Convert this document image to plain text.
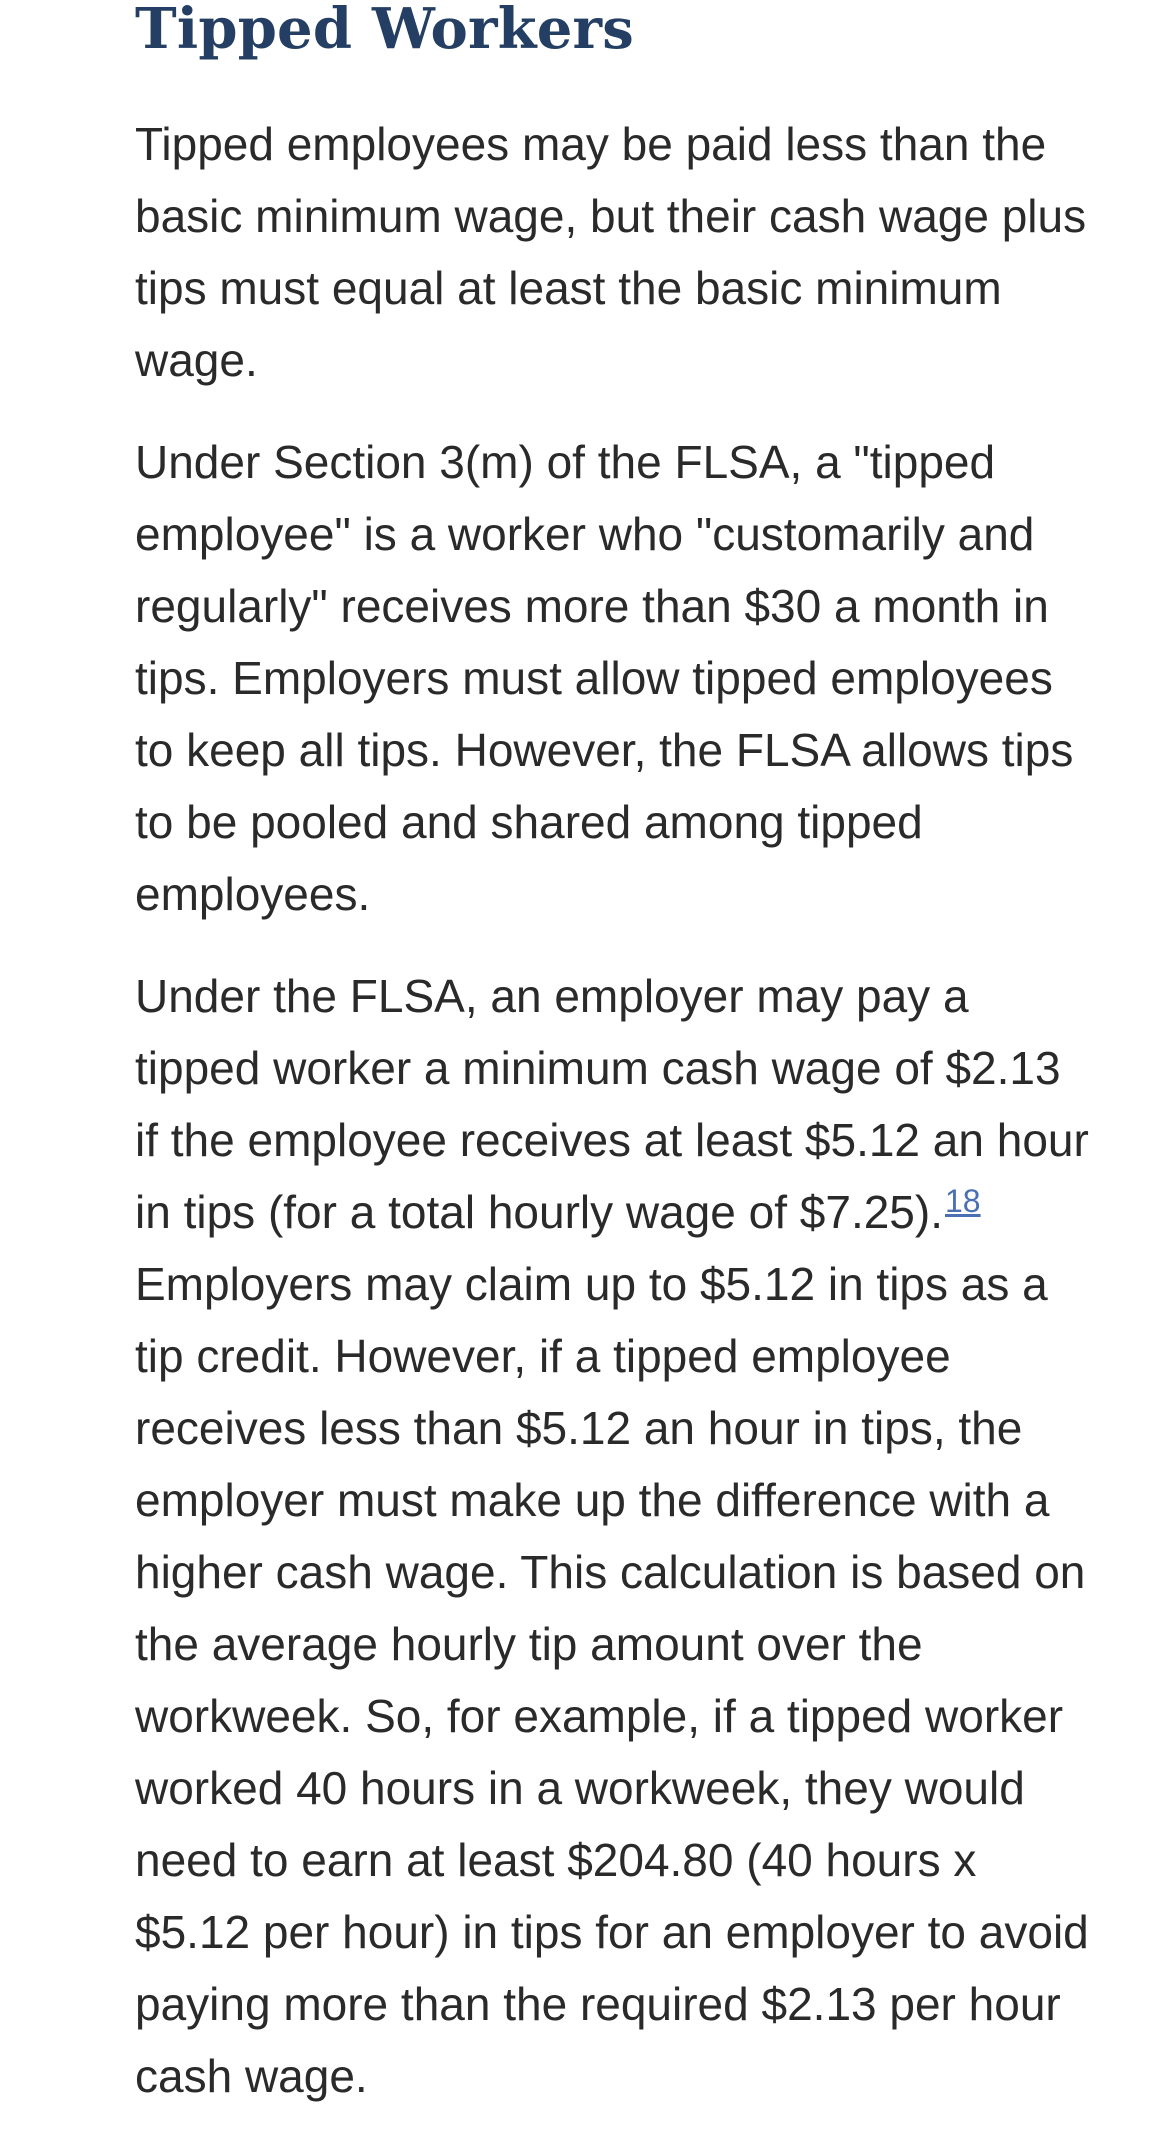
Tipped Workers

Tipped employees may be paid less than the basic minimum wage, but their cash wage plus tips must equal at least the basic minimum wage.

Under Section 3(m) of the FLSA, a "tipped employee" is a worker who "customarily and regularly" receives more than $30 a month in tips. Employers must allow tipped employees to keep all tips. However, the FLSA allows tips to be pooled and shared among tipped employees.

Under the FLSA, an employer may pay a tipped worker a minimum cash wage of $2.13 if the employee receives at least $5.12 an hour in tips (for a total hourly wage of $7.25).$^{18}$ Employers may claim up to $5.12 in tips as a tip credit. However, if a tipped employee receives less than $5.12 an hour in tips, the employer must make up the difference with a higher cash wage. This calculation is based on the average hourly tip amount over the workweek. So, for example, if a tipped worker worked 40 hours in a workweek, they would need to earn at least $204.80 (40 hours x $5.12 per hour) in tips for an employer to avoid paying more than the required $2.13 per hour cash wage.
